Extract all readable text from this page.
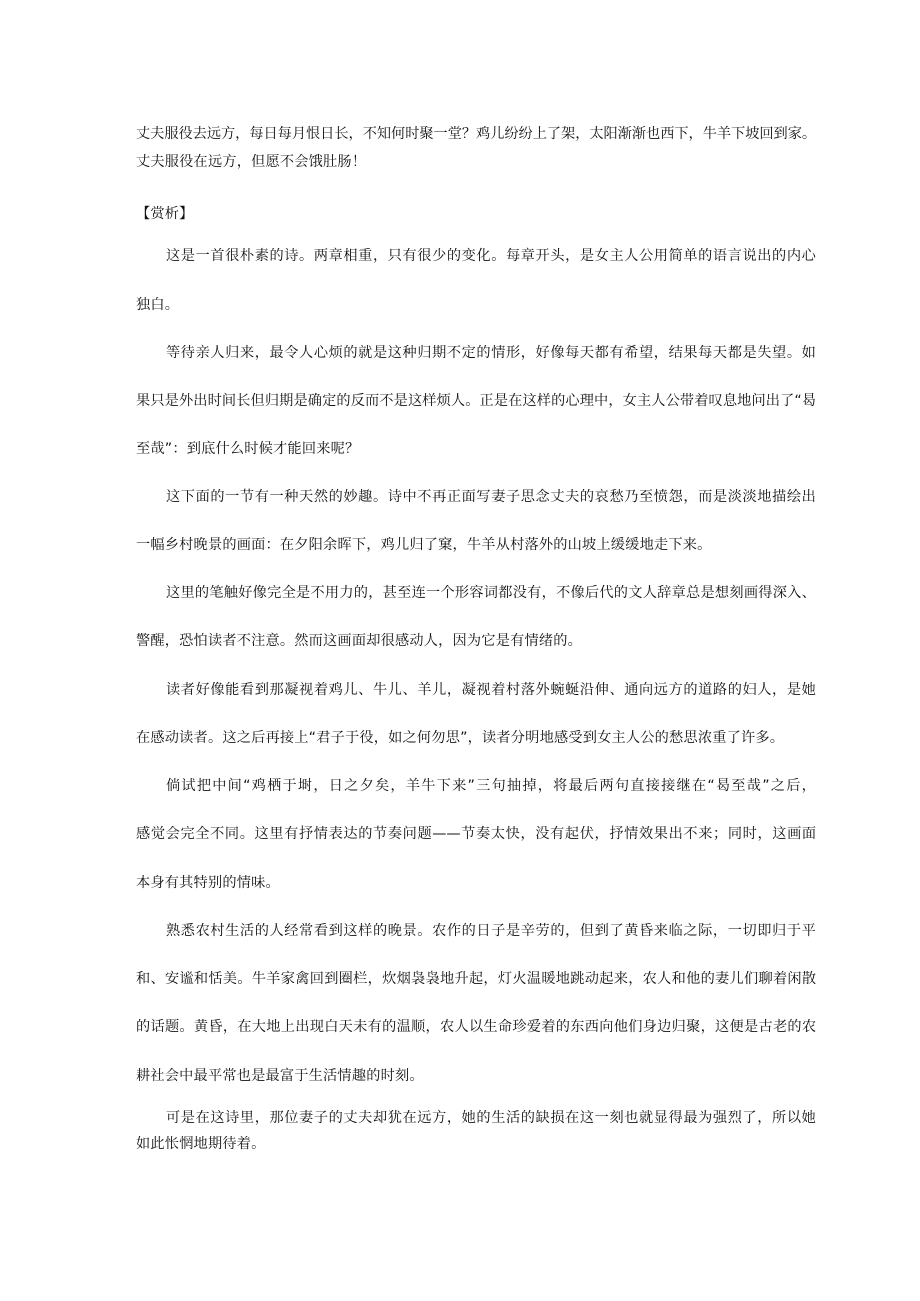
丈夫服役去远方，每日每月恨日长，不知何时聚一堂？鸡儿纷纷上了架，太阳渐渐也西下，牛羊下坡回到家。
丈夫服役在远方，但愿不会饿肚肠！
【赏析】
这是一首很朴素的诗。两章相重，只有很少的变化。每章开头，是女主人公用简单的语言说出的内心
独白。
等待亲人归来，最令人心烦的就是这种归期不定的情形，好像每天都有希望，结果每天都是失望。如
果只是外出时间长但归期是确定的反而不是这样烦人。正是在这样的心理中，女主人公带着叹息地问出了“曷
至哉”：到底什么时候才能回来呢？
这下面的一节有一种天然的妙趣。诗中不再正面写妻子思念丈夫的哀愁乃至愤怨，而是淡淡地描绘出
一幅乡村晚景的画面：在夕阳余晖下，鸡儿归了窠，牛羊从村落外的山坡上缓缓地走下来。
这里的笔触好像完全是不用力的，甚至连一个形容词都没有，不像后代的文人辞章总是想刻画得深入、
警醒，恐怕读者不注意。然而这画面却很感动人，因为它是有情绪的。
读者好像能看到那凝视着鸡儿、牛儿、羊儿，凝视着村落外蜿蜒沿伸、通向远方的道路的妇人，是她
在感动读者。这之后再接上“君子于役，如之何勿思”，读者分明地感受到女主人公的愁思浓重了许多。
倘试把中间“鸡栖于埘，日之夕矣，羊牛下来”三句抽掉，将最后两句直接接继在“曷至哉”之后，
感觉会完全不同。这里有抒情表达的节奏问题——节奏太快，没有起伏，抒情效果出不来；同时，这画面
本身有其特别的情味。
熟悉农村生活的人经常看到这样的晚景。农作的日子是辛劳的，但到了黄昏来临之际，一切即归于平
和、安谧和恬美。牛羊家禽回到圈栏，炊烟袅袅地升起，灯火温暖地跳动起来，农人和他的妻儿们聊着闲散
的话题。黄昏，在大地上出现白天未有的温顺，农人以生命珍爱着的东西向他们身边归聚，这便是古老的农
耕社会中最平常也是最富于生活情趣的时刻。
可是在这诗里，那位妻子的丈夫却犹在远方，她的生活的缺损在这一刻也就显得最为强烈了，所以她
如此怅惘地期待着。
